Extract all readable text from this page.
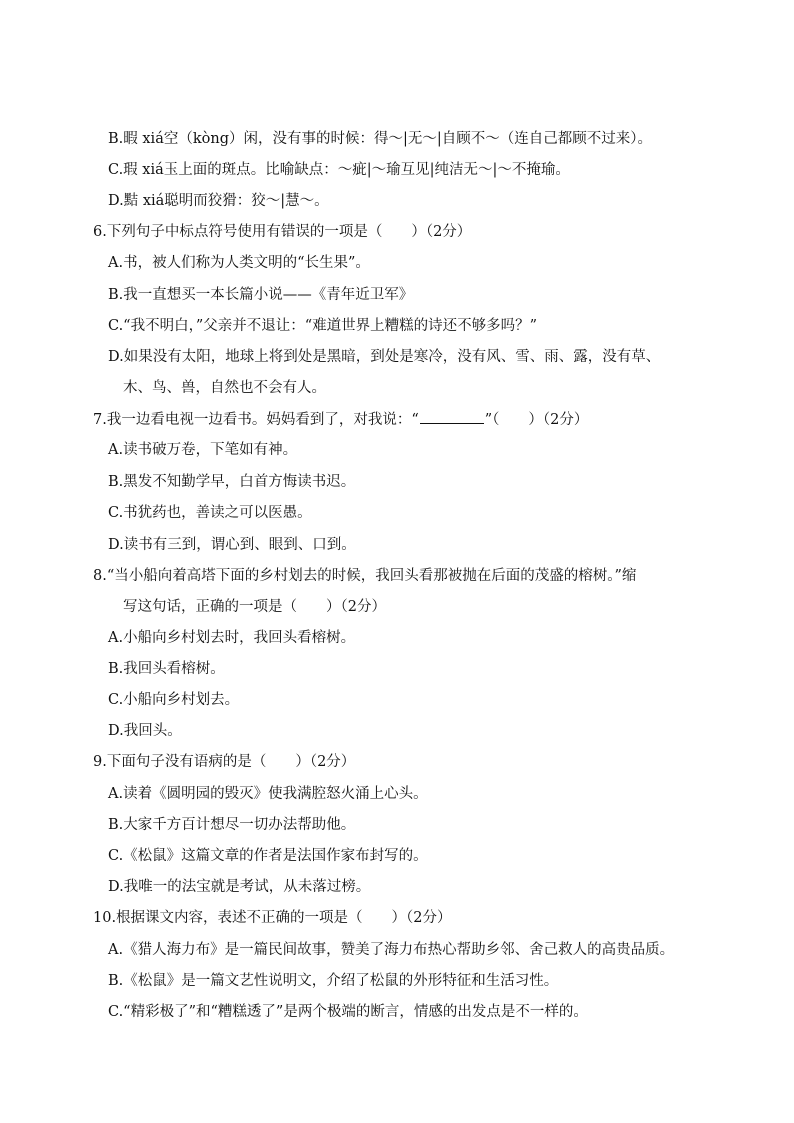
B.暇 xiá空（kòng）闲，没有事的时候：得～|无～|自顾不～（连自己都顾不过来）。
C.瑕 xiá玉上面的斑点。比喻缺点：～疵|～瑜互见|纯洁无～|～不掩瑜。
D.黠 xiá聪明而狡猾：狡～|慧～。
6.下列句子中标点符号使用有错误的一项是（　　）（2分）
A.书，被人们称为人类文明的“长生果”。
B.我一直想买一本长篇小说——《青年近卫军》
C.“我不明白，”父亲并不退让：“难道世界上糟糕的诗还不够多吗？”
D.如果没有太阳，地球上将到处是黑暗，到处是寒冷，没有风、雪、雨、露，没有草、
木、鸟、兽，自然也不会有人。
7.我一边看电视一边看书。妈妈看到了，对我说：“	”（　　）（2分）
A.读书破万卷，下笔如有神。
B.黑发不知勤学早，白首方悔读书迟。
C.书犹药也，善读之可以医愚。
D.读书有三到，谓心到、眼到、口到。
8.“当小船向着高塔下面的乡村划去的时候，我回头看那被抛在后面的茂盛的榕树。”缩
写这句话，正确的一项是（　　）（2分）
A.小船向乡村划去时，我回头看榕树。
B.我回头看榕树。
C.小船向乡村划去。
D.我回头。
9.下面句子没有语病的是（　　）（2分）
A.读着《圆明园的毁灭》使我满腔怒火涌上心头。
B.大家千方百计想尽一切办法帮助他。
C.《松鼠》这篇文章的作者是法国作家布封写的。
D.我唯一的法宝就是考试，从未落过榜。
10.根据课文内容，表述不正确的一项是（　　）（2分）
A.《猎人海力布》是一篇民间故事，赞美了海力布热心帮助乡邻、舍己救人的高贵品质。
B.《松鼠》是一篇文艺性说明文，介绍了松鼠的外形特征和生活习性。
C.“精彩极了”和“糟糕透了”是两个极端的断言，情感的出发点是不一样的。
